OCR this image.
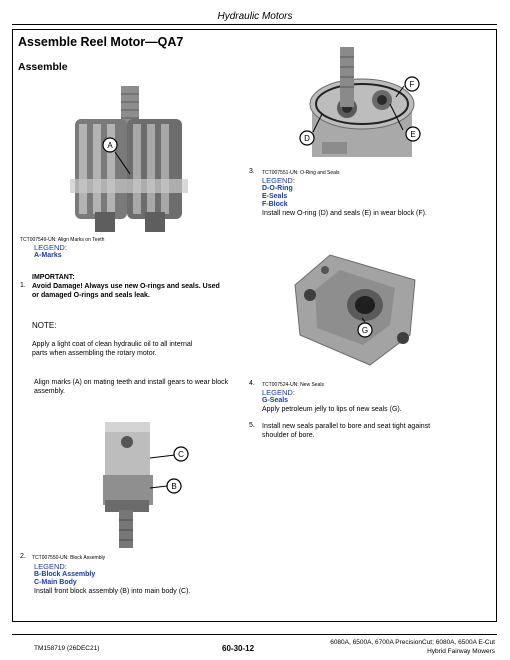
Hydraulic Motors
Assemble Reel Motor—QA7
Assemble
A
TCT007549-UN: Align Marks on Teeth
LEGEND:
A-Marks
IMPORTANT:
1. Avoid Damage! Always use new O-rings and seals. Used
or damaged O-rings and seals leak.
NOTE:
Apply a light coat of clean hydraulic oil to all internal
parts when assembling the rotary motor.
Align marks (A) on mating teeth and install gears to wear block
assembly.
C
B
2. TCT007550-UN: Block Assembly
LEGEND:
B-Block Assembly
C-Main Body
Install front block assembly (B) into main body (C).
D	E
F
3. TCT007551-UN: O-Ring and Seals
LEGEND:
D-O-Ring
E-Seals
F-Block
Install new O-ring (D) and seals (E) in wear block (F).
G
4. TCT007524-UN: New Seals
LEGEND:
G-Seals
Apply petroleum jelly to lips of new seals (G).
5. Install new seals parallel to bore and seat tight against
shoulder of bore.
TM158719 (26DEC21)	60-30-12
6080A, 6500A, 6700A PrecisionCut; 6080A, 6500A E-Cut
Hybrid Fairway Mowers
